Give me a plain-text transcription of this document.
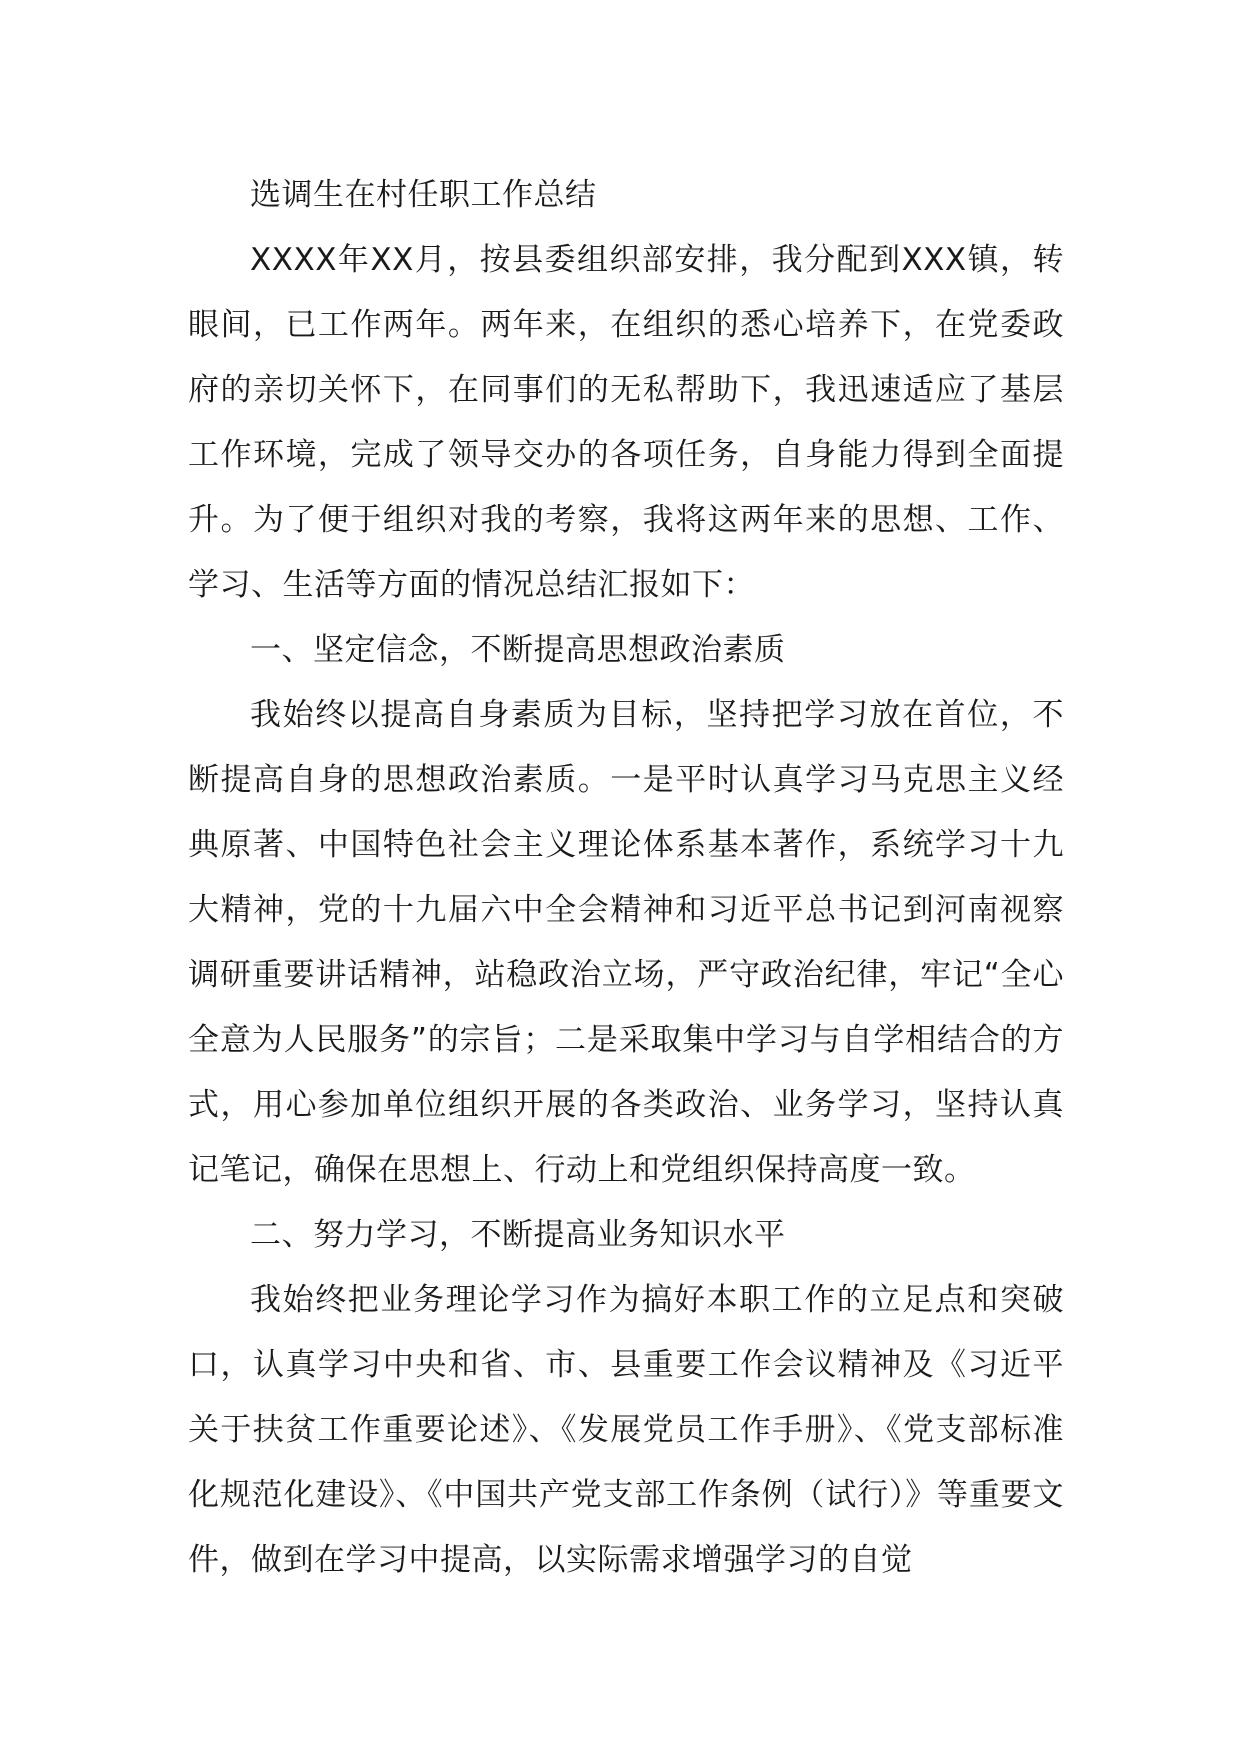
选调生在村任职工作总结

XXXX年XX月，按县委组织部安排，我分配到XXX镇，转眼间，已工作两年。两年来，在组织的悉心培养下，在党委政府的亲切关怀下，在同事们的无私帮助下，我迅速适应了基层工作环境，完成了领导交办的各项任务，自身能力得到全面提升。为了便于组织对我的考察，我将这两年来的思想、工作、学习、生活等方面的情况总结汇报如下：

一、坚定信念，不断提高思想政治素质

我始终以提高自身素质为目标，坚持把学习放在首位，不断提高自身的思想政治素质。一是平时认真学习马克思主义经典原著、中国特色社会主义理论体系基本著作，系统学习十九大精神，党的十九届六中全会精神和习近平总书记到河南视察调研重要讲话精神，站稳政治立场，严守政治纪律，牢记“全心全意为人民服务”的宗旨；二是采取集中学习与自学相结合的方式，用心参加单位组织开展的各类政治、业务学习，坚持认真记笔记，确保在思想上、行动上和党组织保持高度一致。

二、努力学习，不断提高业务知识水平

我始终把业务理论学习作为搞好本职工作的立足点和突破口，认真学习中央和省、市、县重要工作会议精神及《习近平关于扶贫工作重要论述》、《发展党员工作手册》、《党支部标准化规范化建设》、《中国共产党支部工作条例（试行）》等重要文件，做到在学习中提高，以实际需求增强学习的自觉
